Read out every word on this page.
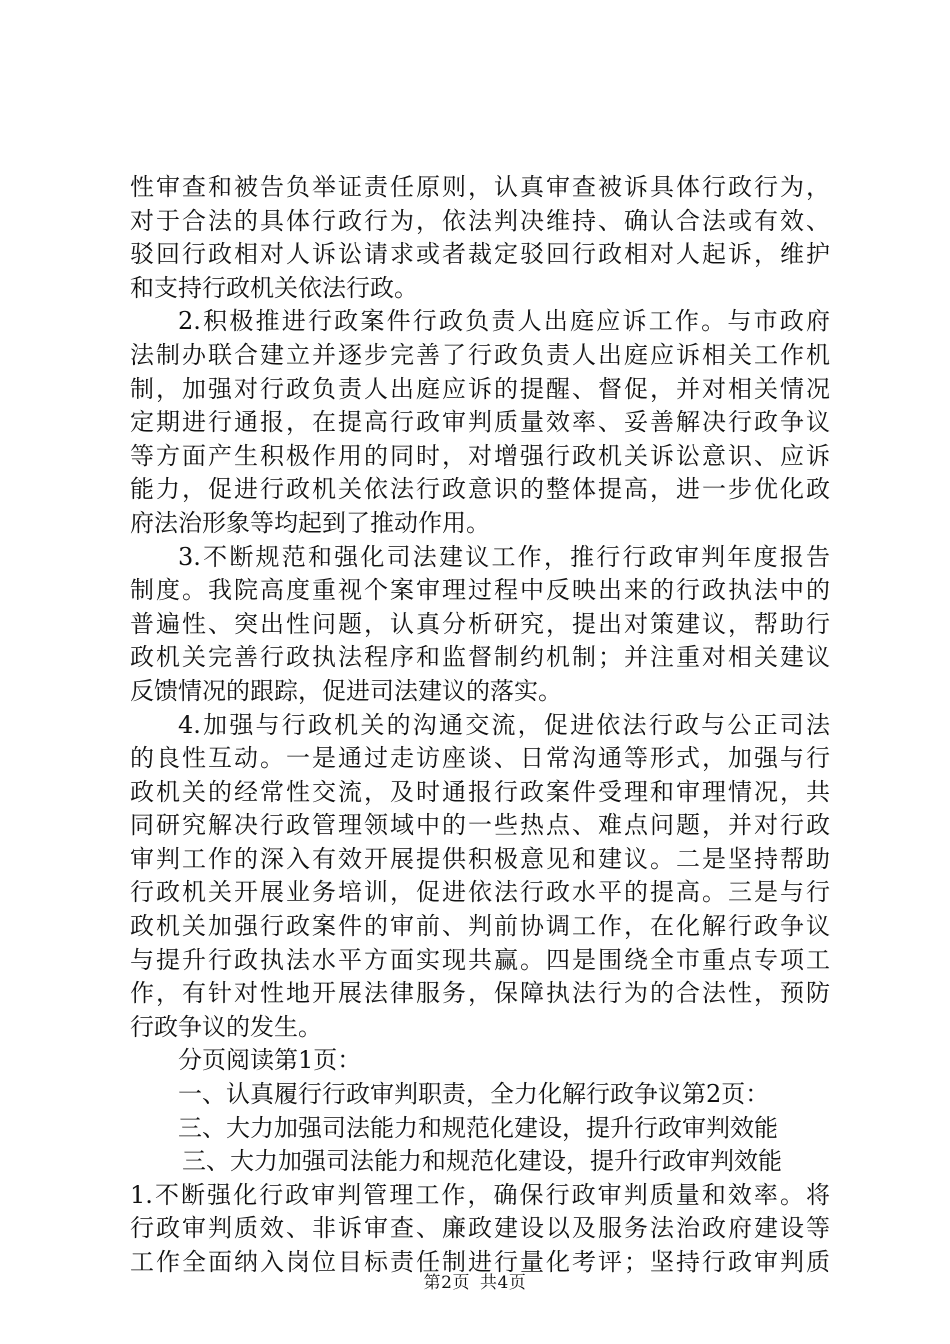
性审查和被告负举证责任原则，认真审查被诉具体行政行为，
对于合法的具体行政行为，依法判决维持、确认合法或有效、
驳回行政相对人诉讼请求或者裁定驳回行政相对人起诉，维护
和支持行政机关依法行政。
2.积极推进行政案件行政负责人出庭应诉工作。与市政府
法制办联合建立并逐步完善了行政负责人出庭应诉相关工作机
制，加强对行政负责人出庭应诉的提醒、督促，并对相关情况
定期进行通报，在提高行政审判质量效率、妥善解决行政争议
等方面产生积极作用的同时，对增强行政机关诉讼意识、应诉
能力，促进行政机关依法行政意识的整体提高，进一步优化政
府法治形象等均起到了推动作用。
3.不断规范和强化司法建议工作，推行行政审判年度报告
制度。我院高度重视个案审理过程中反映出来的行政执法中的
普遍性、突出性问题，认真分析研究，提出对策建议，帮助行
政机关完善行政执法程序和监督制约机制；并注重对相关建议
反馈情况的跟踪，促进司法建议的落实。
4.加强与行政机关的沟通交流，促进依法行政与公正司法
的良性互动。一是通过走访座谈、日常沟通等形式，加强与行
政机关的经常性交流，及时通报行政案件受理和审理情况，共
同研究解决行政管理领域中的一些热点、难点问题，并对行政
审判工作的深入有效开展提供积极意见和建议。二是坚持帮助
行政机关开展业务培训，促进依法行政水平的提高。三是与行
政机关加强行政案件的审前、判前协调工作，在化解行政争议
与提升行政执法水平方面实现共赢。四是围绕全市重点专项工
作，有针对性地开展法律服务，保障执法行为的合法性，预防
行政争议的发生。
分页阅读第1页：
一、认真履行行政审判职责，全力化解行政争议第2页：
三、大力加强司法能力和规范化建设，提升行政审判效能
三、大力加强司法能力和规范化建设，提升行政审判效能
1.不断强化行政审判管理工作，确保行政审判质量和效率。将
行政审判质效、非诉审查、廉政建设以及服务法治政府建设等
工作全面纳入岗位目标责任制进行量化考评；坚持行政审判质
第2页 共4页
